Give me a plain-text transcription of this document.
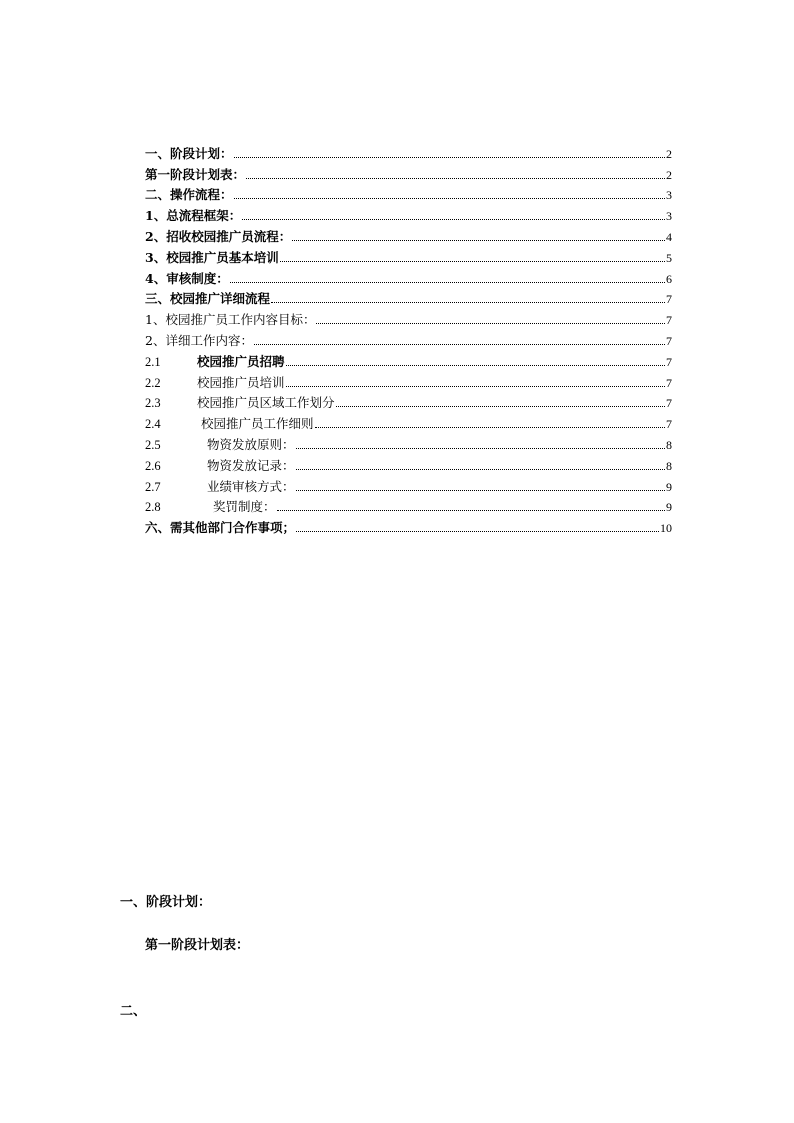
一、阶段计划：	2
第一阶段计划表：	2
二、操作流程：	3
1、总流程框架：	3
2、招收校园推广员流程：	4
3、校园推广员基本培训	5
4、审核制度：	6
三、校园推广详细流程	7
1、校园推广员工作内容目标：	7
2、详细工作内容：	7
2.1	校园推广员招聘	7
2.2	校园推广员培训	7
2.3	校园推广员区域工作划分	7
2.4	校园推广员工作细则	7
2.5	物资发放原则：	8
2.6	物资发放记录：	8
2.7	业绩审核方式：	9
2.8	奖罚制度：	9
六、需其他部门合作事项；	10
一、阶段计划：
第一阶段计划表：
二、
